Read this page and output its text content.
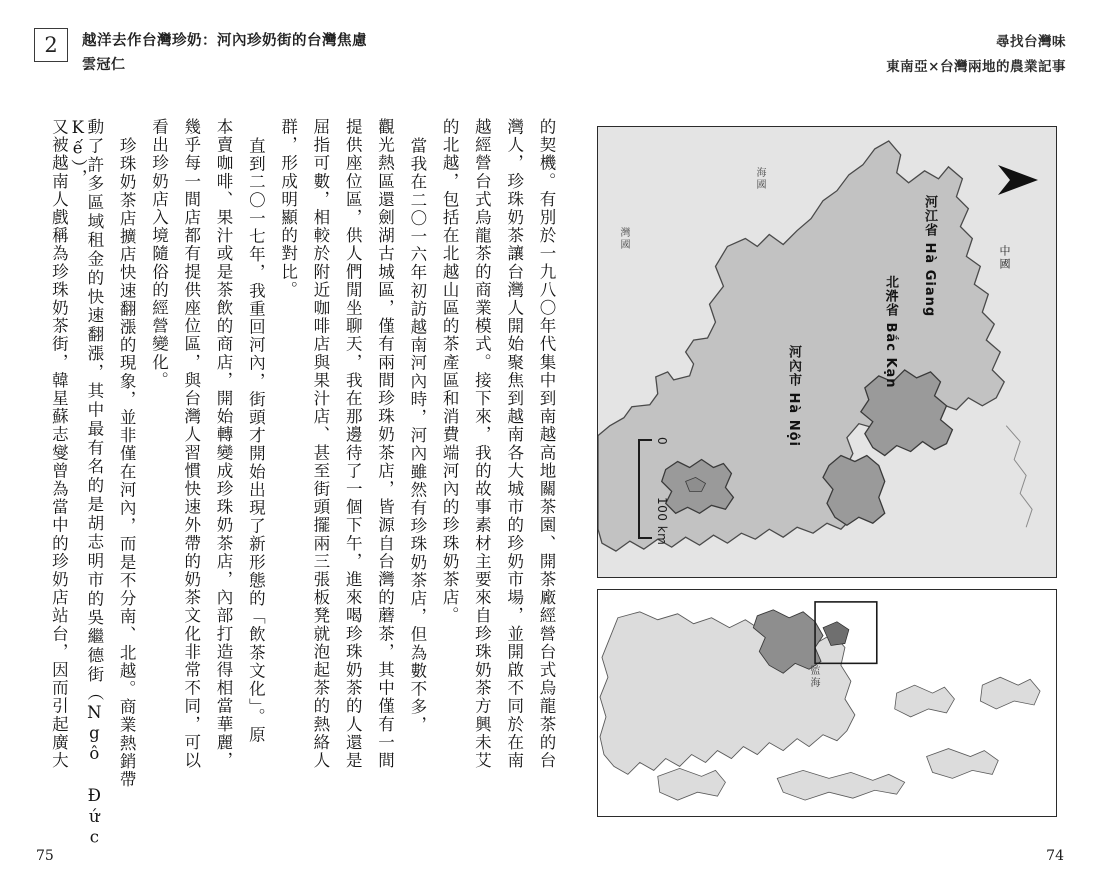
2	越洋去作台灣珍奶：河內珍奶街的台灣焦慮
雲冠仁
尋找台灣味
東南亞×台灣兩地的農業記事
的契機。有別於一九八〇年代集中到南越高地關茶園、開茶廠經營台式烏龍茶的台
灣人，珍珠奶茶讓台灣人開始聚焦到越南各大城市的珍奶市場，並開啟不同於在南
越經營台式烏龍茶的商業模式。接下來，我的故事素材主要來自珍珠奶茶方興未艾
的北越，包括在北越山區的茶產區和消費端河內的珍珠奶茶店。
當我在二〇一六年初訪越南河內時，河內雖然有珍珠奶茶店，但為數不多，
觀光熱區還劍湖古城區，僅有兩間珍珠奶茶店，皆源自台灣的蘑茶，其中僅有一間
提供座位區，供人們閒坐聊天，我在那邊待了一個下午，進來喝珍珠奶茶的人還是
屈指可數，相較於附近咖啡店與果汁店、甚至街頭擺兩三張板凳就泡起茶的熱絡人
群，形成明顯的對比。
直到二〇一七年，我重回河內，街頭才開始出現了新形態的「飲茶文化」。原
本賣咖啡、果汁或是茶飲的商店，開始轉變成珍珠奶茶店，內部打造得相當華麗，
幾乎每一間店都有提供座位區，與台灣人習慣快速外帶的奶茶文化非常不同，可以
看出珍奶店入境隨俗的經營變化。
珍珠奶茶店擴店快速翻漲的現象，並非僅在河內，而是不分南、北越。商業熱銷帶
動了許多區域租金的快速翻漲，其中最有名的是胡志明市的吳繼德街（Ngô Đức Kế），
又被越南人戲稱為珍珠奶茶街，韓星蘇志燮曾為當中的珍奶店站台，因而引起廣大	河江省 Hà Giang
北𣴓省 Bắc Kạn
河內市 Hà Nội
中國
海國
灣國
0
100 km
監海
75	74
